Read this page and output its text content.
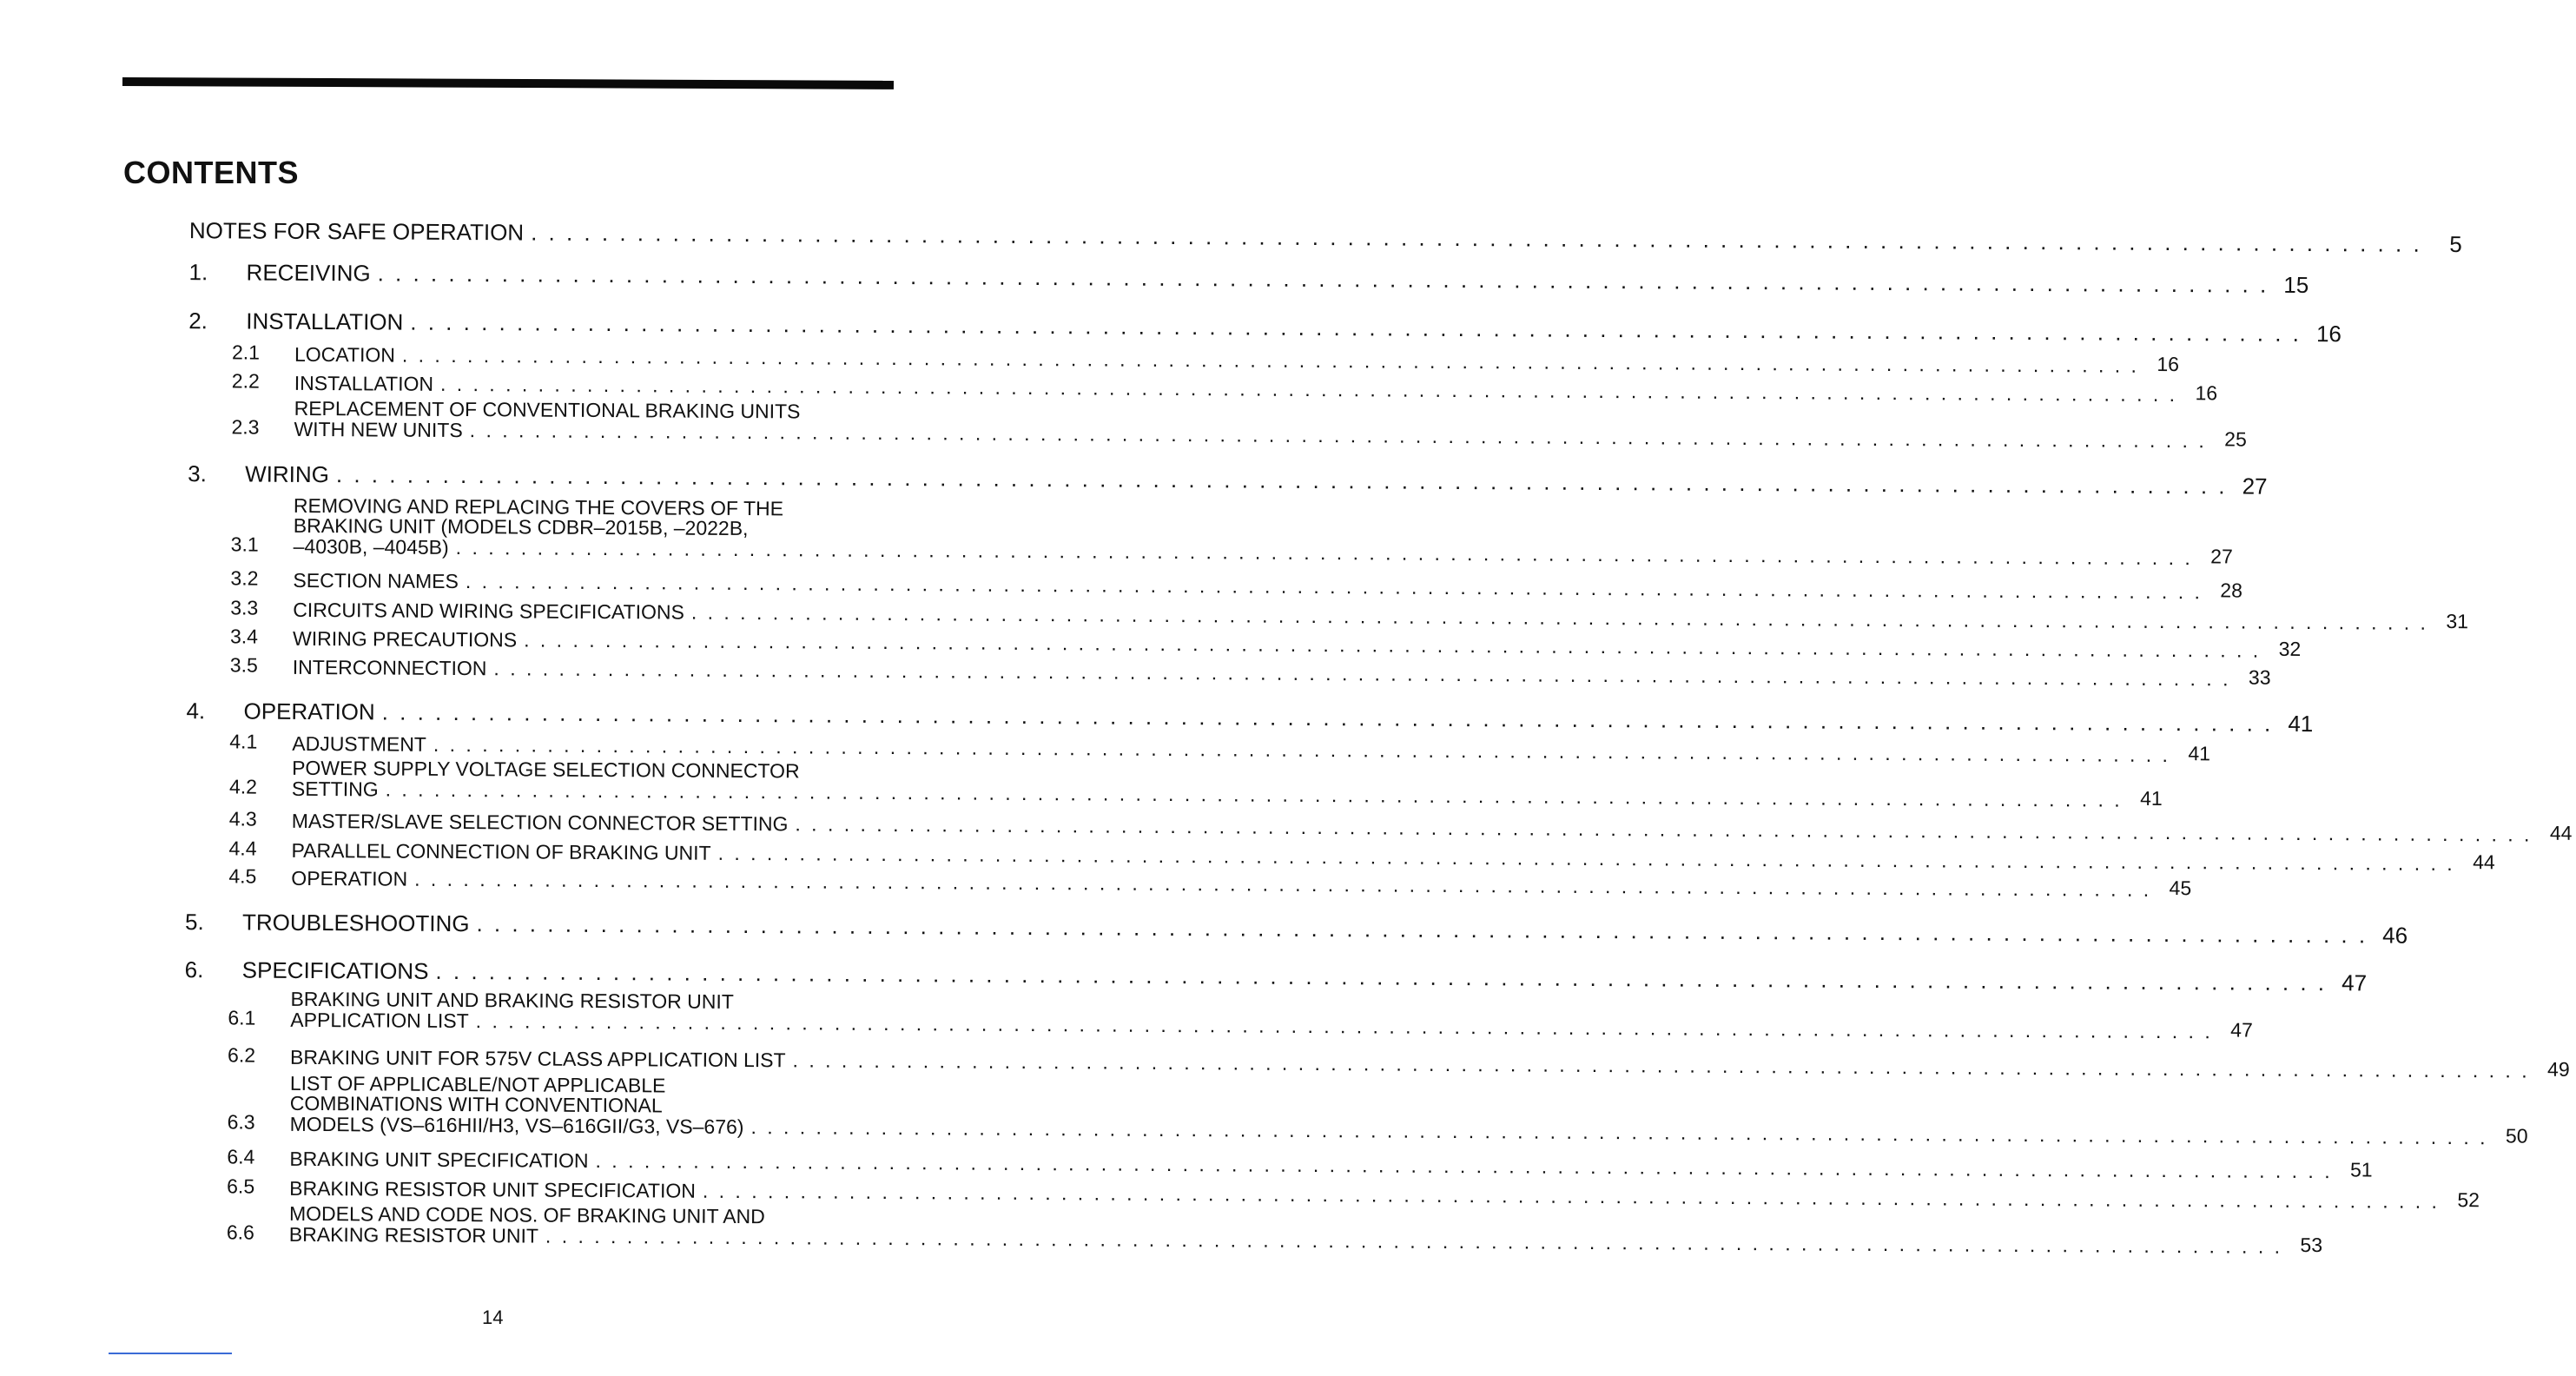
CONTENTS
NOTES FOR SAFE OPERATION . . .	5
1.	RECEIVING . . .	15
2.	INSTALLATION . . .	16
2.1	LOCATION . . .	16
2.2	INSTALLATION . . .	16
2.3
REPLACEMENT OF CONVENTIONAL BRAKING UNITS
WITH NEW UNITS . . .	25
3.	WIRING . . .	27
3.1
REMOVING AND REPLACING THE COVERS OF THE
BRAKING UNIT (MODELS CDBR–2015B, –2022B,
–4030B, –4045B) . . .	27
3.2	SECTION NAMES . . .	28
3.3	CIRCUITS AND WIRING SPECIFICATIONS . . .	31
3.4	WIRING PRECAUTIONS . . .	32
3.5	INTERCONNECTION . . .	33
4.	OPERATION . . .	41
4.1	ADJUSTMENT . . .	41
4.2
POWER SUPPLY VOLTAGE SELECTION CONNECTOR
SETTING . . .	41
4.3	MASTER/SLAVE SELECTION CONNECTOR SETTING . . .	44
4.4	PARALLEL CONNECTION OF BRAKING UNIT . . .	44
4.5	OPERATION . . .	45
5.	TROUBLESHOOTING . . .	46
6.	SPECIFICATIONS . . .	47
6.1
BRAKING UNIT AND BRAKING RESISTOR UNIT
APPLICATION LIST . . .	47
6.2	BRAKING UNIT FOR 575V CLASS APPLICATION LIST . . .	49
6.3
LIST OF APPLICABLE/NOT APPLICABLE
COMBINATIONS WITH CONVENTIONAL
MODELS (VS–616HII/H3, VS–616GII/G3, VS–676) . . .	50
6.4	BRAKING UNIT SPECIFICATION . . .	51
6.5	BRAKING RESISTOR UNIT SPECIFICATION . . .	52
6.6
MODELS AND CODE NOS. OF BRAKING UNIT AND
BRAKING RESISTOR UNIT . . .	53
14
